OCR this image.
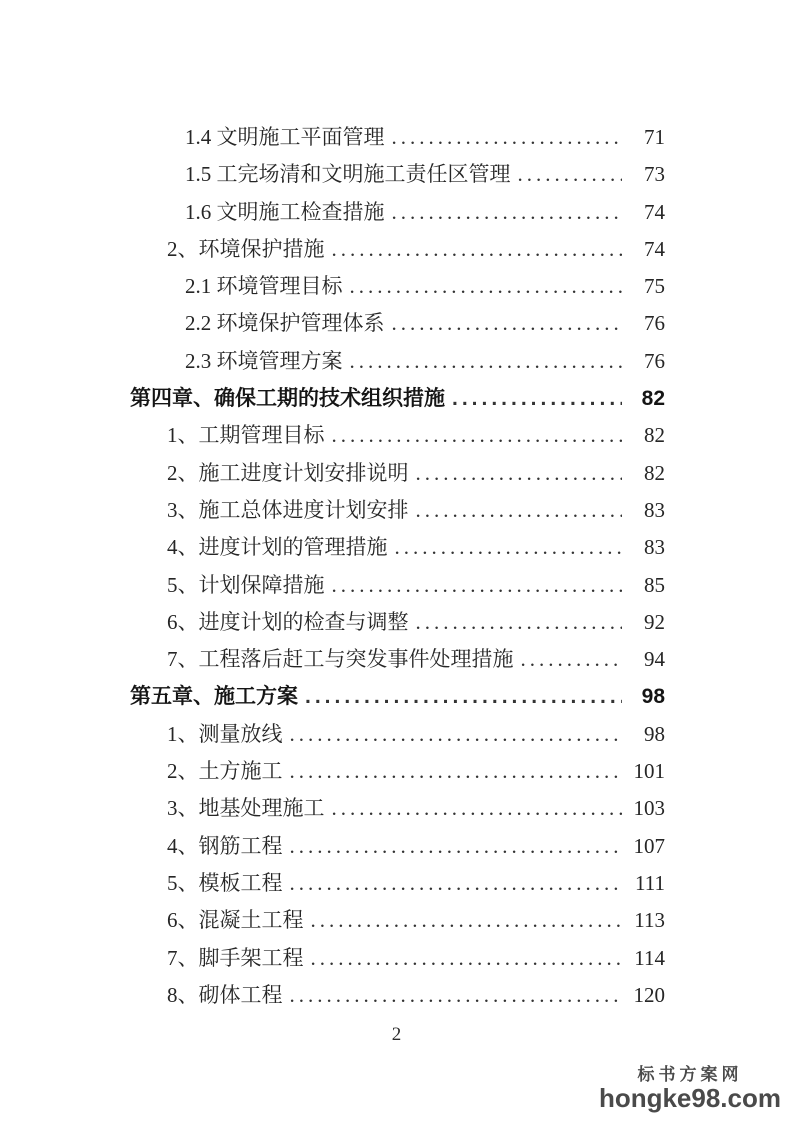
1.4 文明施工平面管理 .....	71
1.5 工完场清和文明施工责任区管理 .....	73
1.6 文明施工检查措施 .....	74
2、环境保护措施 .....	74
2.1 环境管理目标 .....	75
2.2 环境保护管理体系 .....	76
2.3 环境管理方案 .....	76
第四章、确保工期的技术组织措施 .....	82
1、工期管理目标 .....	82
2、施工进度计划安排说明 .....	82
3、施工总体进度计划安排 .....	83
4、进度计划的管理措施 .....	83
5、计划保障措施 .....	85
6、进度计划的检查与调整 .....	92
7、工程落后赶工与突发事件处理措施 .....	94
第五章、施工方案 .....	98
1、测量放线 .....	98
2、土方施工 .....	101
3、地基处理施工 .....	103
4、钢筋工程 .....	107
5、模板工程 .....	111
6、混凝土工程 .....	113
7、脚手架工程 .....	114
8、砌体工程 .....	120
2
标书方案网
hongke98.com
